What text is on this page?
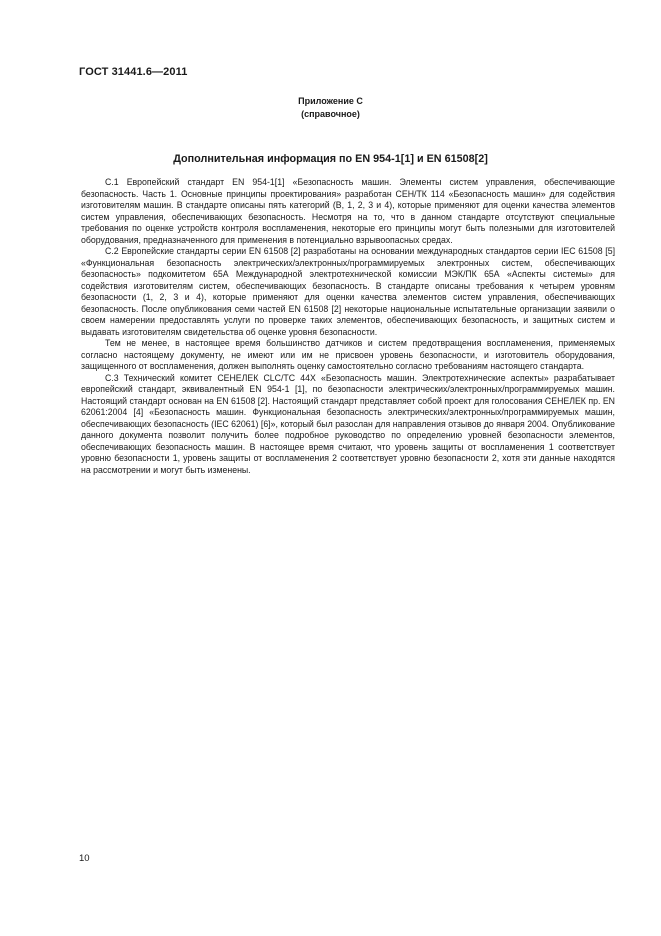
ГОСТ 31441.6—2011
Приложение С
(справочное)
Дополнительная информация по EN 954-1[1] и EN 61508[2]

С.1 Европейский стандарт EN 954-1[1] «Безопасность машин. Элементы систем управления, обеспечивающие безопасность. Часть 1. Основные принципы проектирования» разработан СЕН/ТК 114 «Безопасность машин» для содействия изготовителям машин. В стандарте описаны пять категорий (В, 1, 2, 3 и 4), которые применяют для оценки качества элементов систем управления, обеспечивающих безопасность. Несмотря на то, что в данном стандарте отсутствуют специальные требования по оценке устройств контроля воспламенения, некоторые его принципы могут быть полезными для изготовителей оборудования, предназначенного для применения в потенциально взрывоопасных средах.

С.2 Европейские стандарты серии EN 61508 [2] разработаны на основании международных стандартов серии IEC 61508 [5] «Функциональная безопасность электрических/электронных/программируемых электронных систем, обеспечивающих безопасность» подкомитетом 65А Международной электротехнической комиссии МЭК/ПК 65А «Аспекты системы» для содействия изготовителям систем, обеспечивающих безопасность. В стандарте описаны требования к четырем уровням безопасности (1, 2, 3 и 4), которые применяют для оценки качества элементов систем управления, обеспечивающих безопасность. После опубликования семи частей EN 61508 [2] некоторые национальные испытательные организации заявили о своем намерении предоставлять услуги по проверке таких элементов, обеспечивающих безопасность, и защитных систем и выдавать изготовителям свидетельства об оценке уровня безопасности.

Тем не менее, в настоящее время большинство датчиков и систем предотвращения воспламенения, применяемых согласно настоящему документу, не имеют или им не присвоен уровень безопасности, и изготовитель оборудования, защищенного от воспламенения, должен выполнять оценку самостоятельно согласно требованиям настоящего стандарта.

С.3 Технический комитет СЕНЕЛЕК CLC/TC 44X «Безопасность машин. Электротехнические аспекты» разрабатывает европейский стандарт, эквивалентный EN 954-1 [1], по безопасности электрических/электронных/программируемых машин. Настоящий стандарт основан на EN 61508 [2]. Настоящий стандарт представляет собой проект для голосования СЕНЕЛЕК пр. EN 62061:2004 [4] «Безопасность машин. Функциональная безопасность электрических/электронных/программируемых машин, обеспечивающих безопасность (IEC 62061) [6]», который был разослан для направления отзывов до января 2004. Опубликование данного документа позволит получить более подробное руководство по определению уровней безопасности элементов, обеспечивающих безопасность машин. В настоящее время считают, что уровень защиты от воспламенения 1 соответствует уровню безопасности 1, уровень защиты от воспламенения 2 соответствует уровню безопасности 2, хотя эти данные находятся на рассмотрении и могут быть изменены.

10
